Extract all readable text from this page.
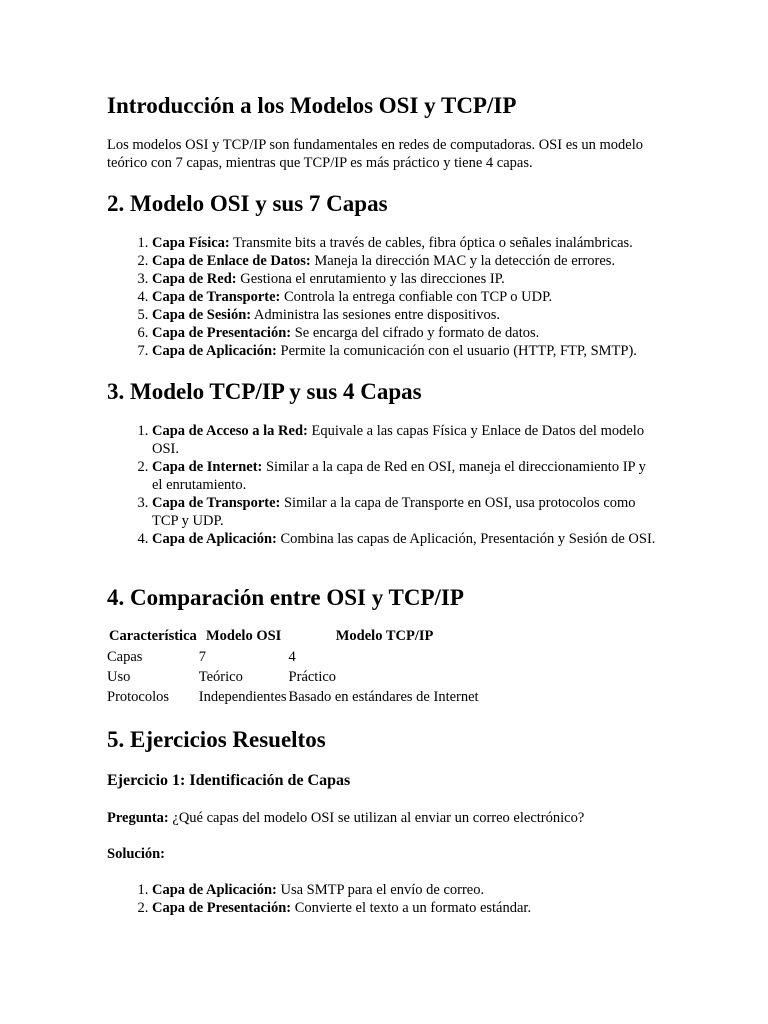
Introducción a los Modelos OSI y TCP/IP

Los modelos OSI y TCP/IP son fundamentales en redes de computadoras. OSI es un modelo teórico con 7 capas, mientras que TCP/IP es más práctico y tiene 4 capas.

2. Modelo OSI y sus 7 Capas
1. Capa Física: Transmite bits a través de cables, fibra óptica o señales inalámbricas.
2. Capa de Enlace de Datos: Maneja la dirección MAC y la detección de errores.
3. Capa de Red: Gestiona el enrutamiento y las direcciones IP.
4. Capa de Transporte: Controla la entrega confiable con TCP o UDP.
5. Capa de Sesión: Administra las sesiones entre dispositivos.
6. Capa de Presentación: Se encarga del cifrado y formato de datos.
7. Capa de Aplicación: Permite la comunicación con el usuario (HTTP, FTP, SMTP).
3. Modelo TCP/IP y sus 4 Capas
1. Capa de Acceso a la Red: Equivale a las capas Física y Enlace de Datos del modelo OSI.
2. Capa de Internet: Similar a la capa de Red en OSI, maneja el direccionamiento IP y el enrutamiento.
3. Capa de Transporte: Similar a la capa de Transporte en OSI, usa protocolos como TCP y UDP.
4. Capa de Aplicación: Combina las capas de Aplicación, Presentación y Sesión de OSI.
4. Comparación entre OSI y TCP/IP
Característica	Modelo OSI	Modelo TCP/IP
Capas	7	4
Uso	Teórico	Práctico
Protocolos	Independientes	Basado en estándares de Internet
5. Ejercicios Resueltos
Ejercicio 1: Identificación de Capas

Pregunta: ¿Qué capas del modelo OSI se utilizan al enviar un correo electrónico?

Solución:

1. Capa de Aplicación: Usa SMTP para el envío de correo.
2. Capa de Presentación: Convierte el texto a un formato estándar.
